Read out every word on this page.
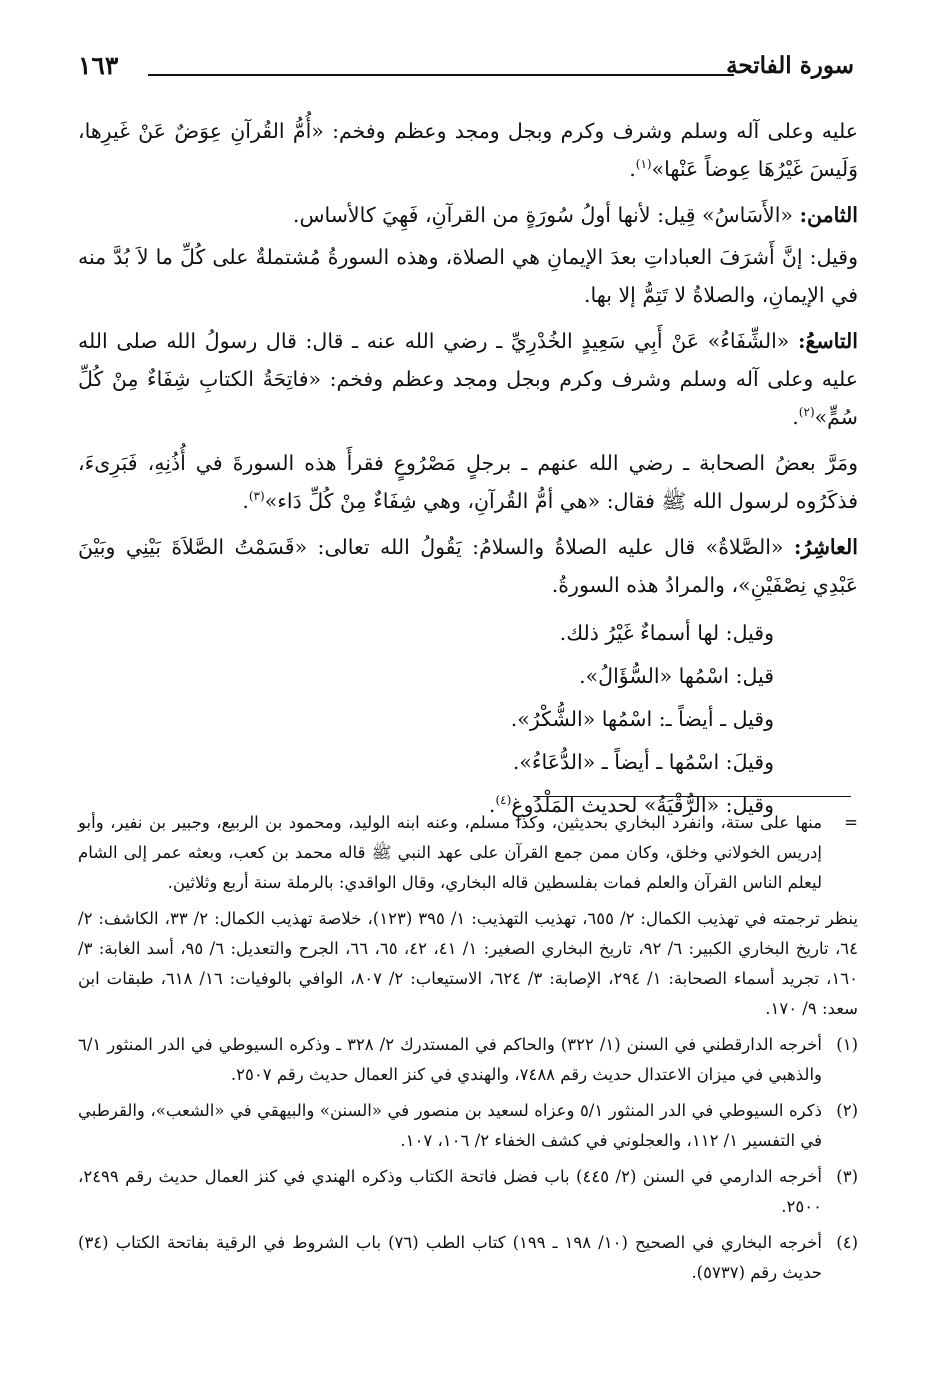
سورة الفاتحة
١٦٣

عليه وعلى آله وسلم وشرف وكرم وبجل ومجد وعظم وفخم: «أُمُّ القُرآنِ عِوَضٌ عَنْ غَيرِها، وَلَيسَ غَيْرُهَا عِوضاً عَنْها»$^{(١)}$.

الثامن: «الأَسَاسُ» قِيل: لأنها أولُ سُورَةٍ من القرآنِ، فَهِيَ كالأساس.

وقيل: إنَّ أَشرَفَ العباداتِ بعدَ الإيمانِ هي الصلاة، وهذه السورةُ مُشتملةٌ على كُلِّ ما لاَ بُدَّ منه في الإيمانِ، والصلاةُ لا تَتِمُّ إلا بها.

التاسعُ: «الشِّفَاءُ» عَنْ أَبِي سَعِيدٍ الخُدْرِيِّ ـ رضي الله عنه ـ قال: قال رسولُ الله صلى الله عليه وعلى آله وسلم وشرف وكرم وبجل ومجد وعظم وفخم: «فاتِحَةُ الكتابِ شِفَاءٌ مِنْ كُلِّ سُمٍّ»$^{(٢)}$.

ومَرَّ بعضُ الصحابة ـ رضي الله عنهم ـ برجلٍ مَصْرُوعٍ فقرأَ هذه السورةَ في أُذُنِهِ، فَبَرِىءَ، فذكَرُوه لرسول الله ﷺ فقال: «هي أمُّ القُرآنِ، وهي شِفَاءٌ مِنْ كُلِّ دَاء»$^{(٣)}$.

العاشِرُ: «الصَّلاةُ» قال عليه الصلاةُ والسلامُ: يَقُولُ الله تعالى: «قَسَمْتُ الصَّلاَةَ بَيْنِي وبَيْنَ عَبْدِي نِصْفَيْنِ»، والمرادُ هذه السورةُ.

وقيل: لها أسماءٌ غَيْرُ ذلك.

قيل: اسْمُها «السُّؤَالُ».

وقيل ـ أيضاً ـ: اسْمُها «الشُّكْرُ».

وقيلَ: اسْمُها ـ أيضاً ـ «الدُّعَاءُ».

وقيل: «الرُّقْيَةُ» لحديث المَلْدُوغِ$^{(٤)}$.

=
منها على ستة، وانفرد البخاري بحديثين، وكذا مسلم، وعنه ابنه الوليد، ومحمود بن الربيع، وجبير بن نفير، وأبو إدريس الخولاني وخلق، وكان ممن جمع القرآن على عهد النبي ﷺ قاله محمد بن كعب، وبعثه عمر إلى الشام ليعلم الناس القرآن والعلم فمات بفلسطين قاله البخاري، وقال الواقدي: بالرملة سنة أربع وثلاثين.

ينظر ترجمته في تهذيب الكمال: ٢/ ٦٥٥، تهذيب التهذيب: ١/ ٣٩٥ (١٢٣)، خلاصة تهذيب الكمال: ٢/ ٣٣، الكاشف: ٢/ ٦٤، تاريخ البخاري الكبير: ٦/ ٩٢، تاريخ البخاري الصغير: ١/ ٤١، ٤٢، ٦٥، ٦٦، الجرح والتعديل: ٦/ ٩٥، أسد الغابة: ٣/ ١٦٠، تجريد أسماء الصحابة: ١/ ٢٩٤، الإصابة: ٣/ ٦٢٤، الاستيعاب: ٢/ ٨٠٧، الوافي بالوفيات: ١٦/ ٦١٨، طبقات ابن سعد: ٩/ ١٧٠.

(١)
أخرجه الدارقطني في السنن (١/ ٣٢٢) والحاكم في المستدرك ٢/ ٣٢٨ ـ وذكره السيوطي في الدر المنثور ٦/١ والذهبي في ميزان الاعتدال حديث رقم ٧٤٨٨، والهندي في كنز العمال حديث رقم ٢٥٠٧.

(٢)
ذكره السيوطي في الدر المنثور ٥/١ وعزاه لسعيد بن منصور في «السنن» والبيهقي في «الشعب»، والقرطبي في التفسير ١/ ١١٢، والعجلوني في كشف الخفاء ٢/ ١٠٦، ١٠٧.

(٣)
أخرجه الدارمي في السنن (٢/ ٤٤٥) باب فضل فاتحة الكتاب وذكره الهندي في كنز العمال حديث رقم ٢٤٩٩، ٢٥٠٠.

(٤)
أخرجه البخاري في الصحيح (١٠/ ١٩٨ ـ ١٩٩) كتاب الطب (٧٦) باب الشروط في الرقية بفاتحة الكتاب (٣٤) حديث رقم (٥٧٣٧).
